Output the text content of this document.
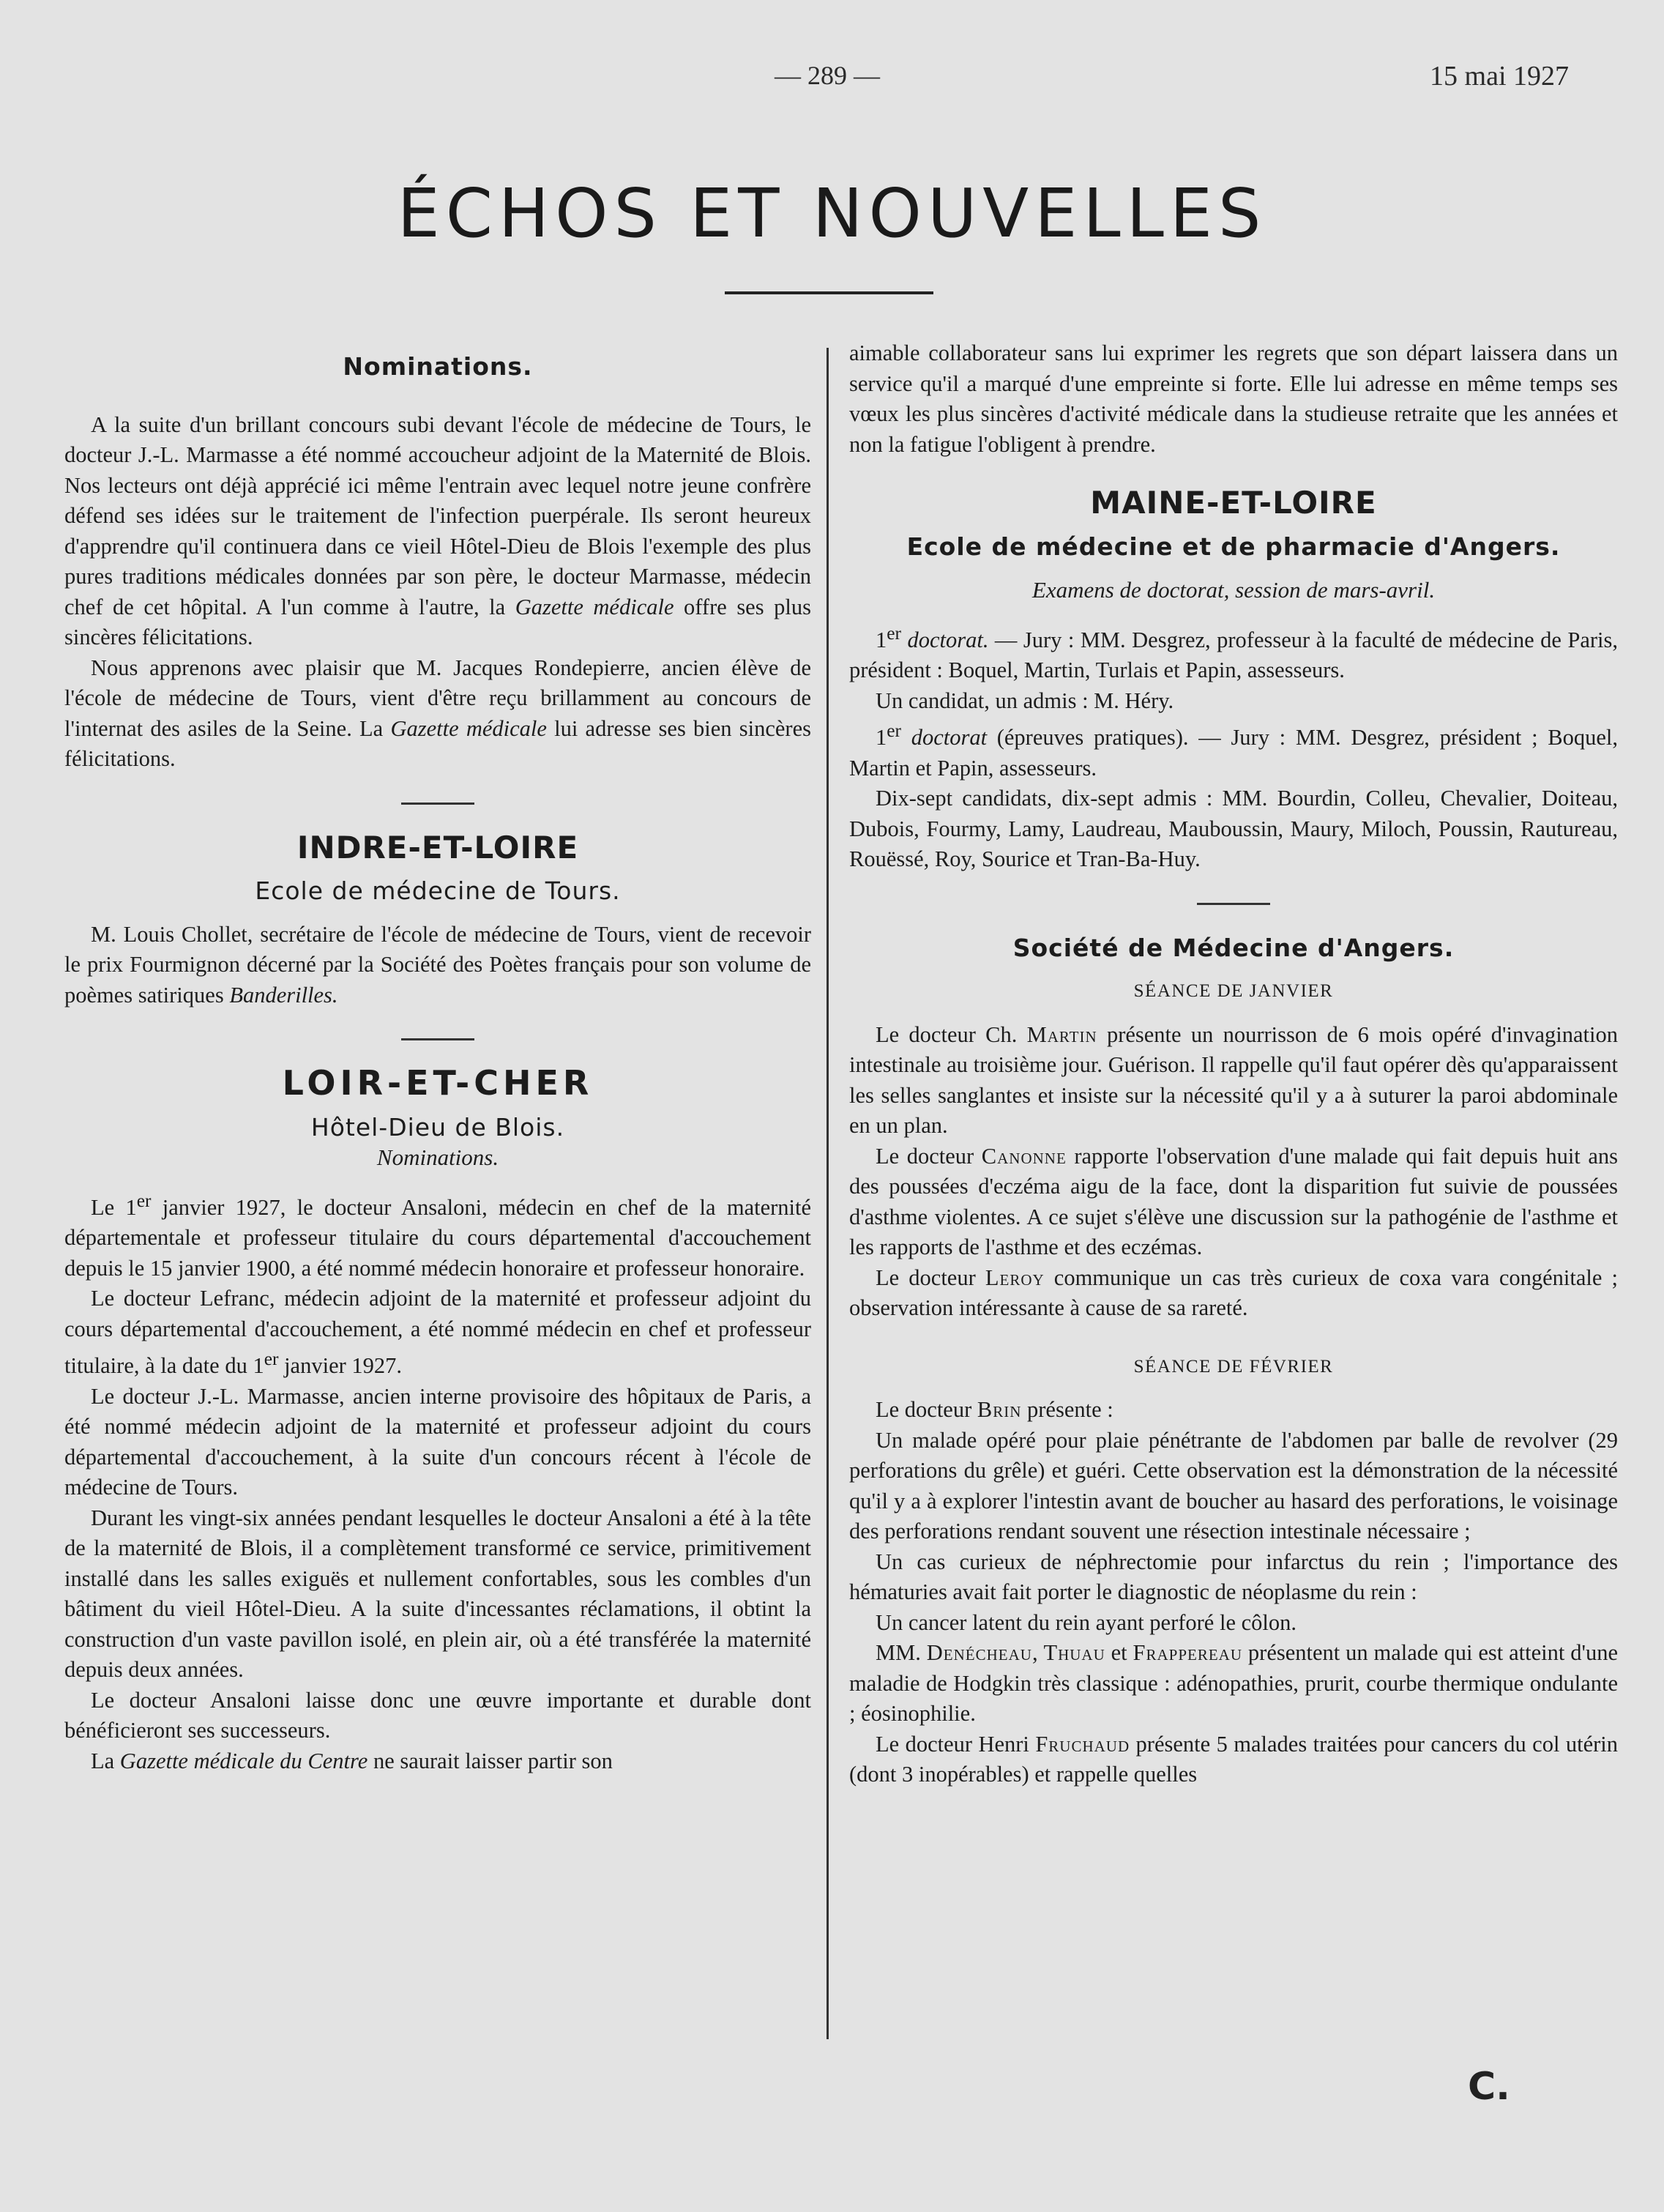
— 289 —	15 mai 1927
ÉCHOS ET NOUVELLES
Nominations.

A la suite d'un brillant concours subi devant l'école de médecine de Tours, le docteur J.-L. Marmasse a été nommé accoucheur adjoint de la Maternité de Blois. Nos lecteurs ont déjà apprécié ici même l'entrain avec lequel notre jeune confrère défend ses idées sur le traitement de l'infection puerpérale. Ils seront heureux d'apprendre qu'il continuera dans ce vieil Hôtel-Dieu de Blois l'exemple des plus pures traditions médicales données par son père, le docteur Marmasse, médecin chef de cet hôpital. A l'un comme à l'autre, la Gazette médicale offre ses plus sincères félicitations.

Nous apprenons avec plaisir que M. Jacques Rondepierre, ancien élève de l'école de médecine de Tours, vient d'être reçu brillamment au concours de l'internat des asiles de la Seine. La Gazette médicale lui adresse ses bien sincères félicitations.

INDRE-ET-LOIRE
Ecole de médecine de Tours.

M. Louis Chollet, secrétaire de l'école de médecine de Tours, vient de recevoir le prix Fourmignon décerné par la Société des Poètes français pour son volume de poèmes satiriques Banderilles.

LOIR-ET-CHER
Hôtel-Dieu de Blois.
Nominations.

Le 1er janvier 1927, le docteur Ansaloni, médecin en chef de la maternité départementale et professeur titulaire du cours départemental d'accouchement depuis le 15 janvier 1900, a été nommé médecin honoraire et professeur honoraire.

Le docteur Lefranc, médecin adjoint de la maternité et professeur adjoint du cours départemental d'accouchement, a été nommé médecin en chef et professeur titulaire, à la date du 1er janvier 1927.

Le docteur J.-L. Marmasse, ancien interne provisoire des hôpitaux de Paris, a été nommé médecin adjoint de la maternité et professeur adjoint du cours départemental d'accouchement, à la suite d'un concours récent à l'école de médecine de Tours.

Durant les vingt-six années pendant lesquelles le docteur Ansaloni a été à la tête de la maternité de Blois, il a complètement transformé ce service, primitivement installé dans les salles exiguës et nullement confortables, sous les combles d'un bâtiment du vieil Hôtel-Dieu. A la suite d'incessantes réclamations, il obtint la construction d'un vaste pavillon isolé, en plein air, où a été transférée la maternité depuis deux années.

Le docteur Ansaloni laisse donc une œuvre importante et durable dont bénéficieront ses successeurs.

La Gazette médicale du Centre ne saurait laisser partir son

aimable collaborateur sans lui exprimer les regrets que son départ laissera dans un service qu'il a marqué d'une empreinte si forte. Elle lui adresse en même temps ses vœux les plus sincères d'activité médicale dans la studieuse retraite que les années et non la fatigue l'obligent à prendre.

MAINE-ET-LOIRE
Ecole de médecine et de pharmacie d'Angers.
Examens de doctorat, session de mars-avril.

1er doctorat. — Jury : MM. Desgrez, professeur à la faculté de médecine de Paris, président : Boquel, Martin, Turlais et Papin, assesseurs.

Un candidat, un admis : M. Héry.

1er doctorat (épreuves pratiques). — Jury : MM. Desgrez, président ; Boquel, Martin et Papin, assesseurs.

Dix-sept candidats, dix-sept admis : MM. Bourdin, Colleu, Chevalier, Doiteau, Dubois, Fourmy, Lamy, Laudreau, Mauboussin, Maury, Miloch, Poussin, Rautureau, Rouëssé, Roy, Sourice et Tran-Ba-Huy.

Société de Médecine d'Angers.
SÉANCE DE JANVIER

Le docteur Ch. Martin présente un nourrisson de 6 mois opéré d'invagination intestinale au troisième jour. Guérison. Il rappelle qu'il faut opérer dès qu'apparaissent les selles sanglantes et insiste sur la nécessité qu'il y a à suturer la paroi abdominale en un plan.

Le docteur Canonne rapporte l'observation d'une malade qui fait depuis huit ans des poussées d'eczéma aigu de la face, dont la disparition fut suivie de poussées d'asthme violentes. A ce sujet s'élève une discussion sur la pathogénie de l'asthme et les rapports de l'asthme et des eczémas.

Le docteur Leroy communique un cas très curieux de coxa vara congénitale ; observation intéressante à cause de sa rareté.

SÉANCE DE FÉVRIER

Le docteur Brin présente :

Un malade opéré pour plaie pénétrante de l'abdomen par balle de revolver (29 perforations du grêle) et guéri. Cette observation est la démonstration de la nécessité qu'il y a à explorer l'intestin avant de boucher au hasard des perforations, le voisinage des perforations rendant souvent une résection intestinale nécessaire ;

Un cas curieux de néphrectomie pour infarctus du rein ; l'importance des hématuries avait fait porter le diagnostic de néoplasme du rein :

Un cancer latent du rein ayant perforé le côlon.

MM. Denécheau, Thuau et Frappereau présentent un malade qui est atteint d'une maladie de Hodgkin très classique : adénopathies, prurit, courbe thermique ondulante ; éosinophilie.

Le docteur Henri Fruchaud présente 5 malades traitées pour cancers du col utérin (dont 3 inopérables) et rappelle quelles

C.
